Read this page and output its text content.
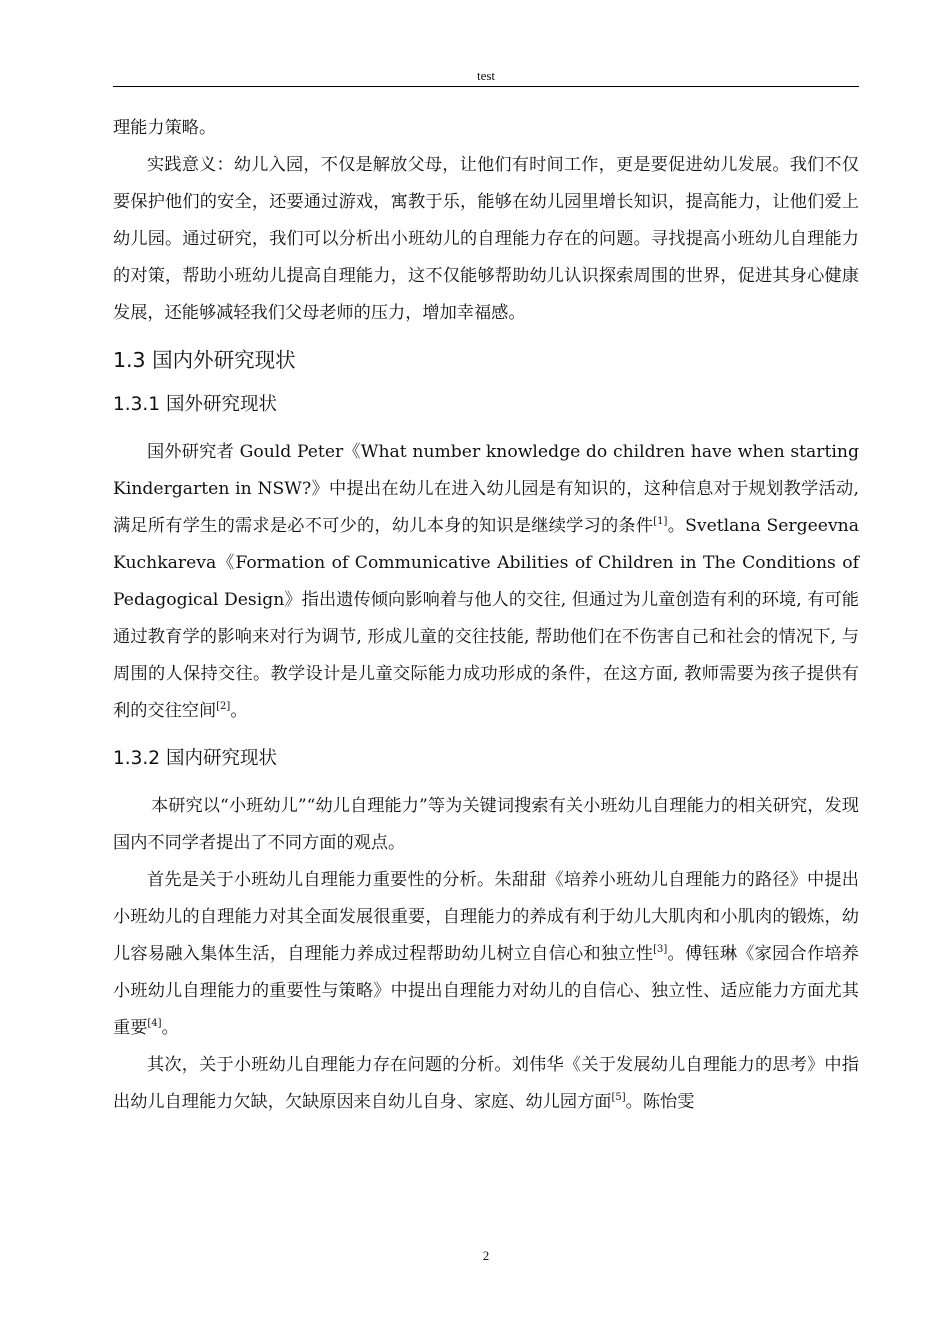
test

理能力策略。

实践意义：幼儿入园，不仅是解放父母，让他们有时间工作，更是要促进幼儿发展。我们不仅要保护他们的安全，还要通过游戏，寓教于乐，能够在幼儿园里增长知识，提高能力，让他们爱上幼儿园。通过研究，我们可以分析出小班幼儿的自理能力存在的问题。寻找提高小班幼儿自理能力的对策，帮助小班幼儿提高自理能力，这不仅能够帮助幼儿认识探索周围的世界，促进其身心健康发展，还能够减轻我们父母老师的压力，增加幸福感。

1.3 国内外研究现状
1.3.1 国外研究现状

国外研究者 Gould Peter《What number knowledge do children have when starting Kindergarten in NSW?》中提出在幼儿在进入幼儿园是有知识的，这种信息对于规划教学活动, 满足所有学生的需求是必不可少的，幼儿本身的知识是继续学习的条件[1]。Svetlana Sergeevna Kuchkareva《Formation of Communicative Abilities of Children in The Conditions of Pedagogical Design》指出遗传倾向影响着与他人的交往, 但通过为儿童创造有利的环境, 有可能通过教育学的影响来对行为调节, 形成儿童的交往技能, 帮助他们在不伤害自己和社会的情况下, 与周围的人保持交往。教学设计是儿童交际能力成功形成的条件，在这方面, 教师需要为孩子提供有利的交往空间[2]。

1.3.2 国内研究现状

本研究以“小班幼儿”“幼儿自理能力”等为关键词搜索有关小班幼儿自理能力的相关研究，发现国内不同学者提出了不同方面的观点。

首先是关于小班幼儿自理能力重要性的分析。朱甜甜《培养小班幼儿自理能力的路径》中提出小班幼儿的自理能力对其全面发展很重要，自理能力的养成有利于幼儿大肌肉和小肌肉的锻炼，幼儿容易融入集体生活，自理能力养成过程帮助幼儿树立自信心和独立性[3]。傅钰琳《家园合作培养小班幼儿自理能力的重要性与策略》中提出自理能力对幼儿的自信心、独立性、适应能力方面尤其重要[4]。

其次，关于小班幼儿自理能力存在问题的分析。刘伟华《关于发展幼儿自理能力的思考》中指出幼儿自理能力欠缺，欠缺原因来自幼儿自身、家庭、幼儿园方面[5]。陈怡雯

2
